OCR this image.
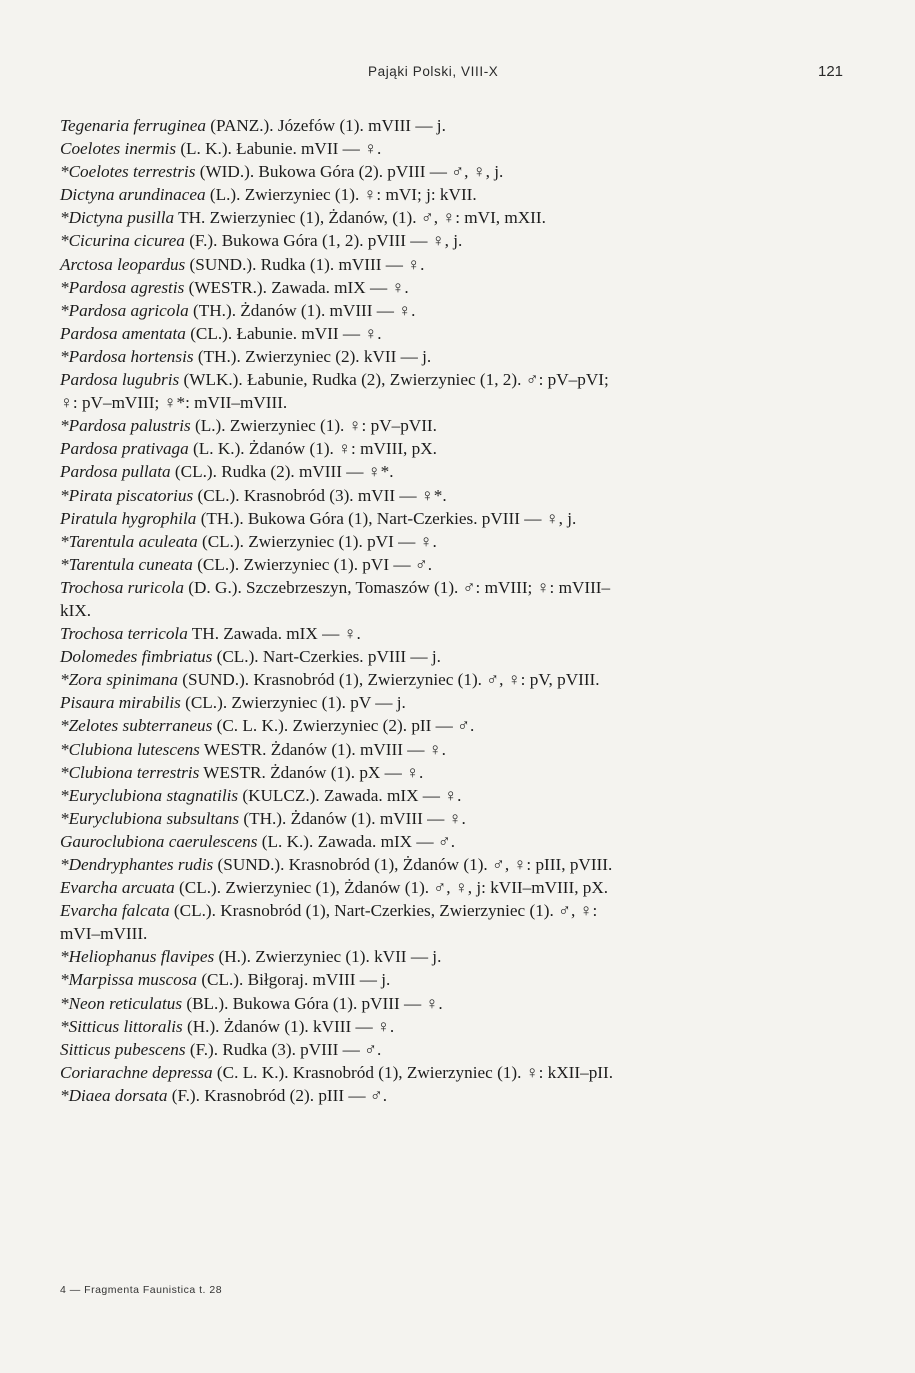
Pająki Polski, VIII-X	121
Tegenaria ferruginea (PANZ.). Józefów (1). mVIII — j.
Coelotes inermis (L. K.). Łabunie. mVII — ♀.
*Coelotes terrestris (WID.). Bukowa Góra (2). pVIII — ♂, ♀, j.
Dictyna arundinacea (L.). Zwierzyniec (1). ♀: mVI; j: kVII.
*Dictyna pusilla TH. Zwierzyniec (1), Żdanów, (1). ♂, ♀: mVI, mXII.
*Cicurina cicurea (F.). Bukowa Góra (1, 2). pVIII — ♀, j.
Arctosa leopardus (SUND.). Rudka (1). mVIII — ♀.
*Pardosa agrestis (WESTR.). Zawada. mIX — ♀.
*Pardosa agricola (TH.). Żdanów (1). mVIII — ♀.
Pardosa amentata (CL.). Łabunie. mVII — ♀.
*Pardosa hortensis (TH.). Zwierzyniec (2). kVII — j.
Pardosa lugubris (WLK.). Łabunie, Rudka (2), Zwierzyniec (1, 2). ♂: pV–pVI;
♀: pV–mVIII; ♀*: mVII–mVIII.
*Pardosa palustris (L.). Zwierzyniec (1). ♀: pV–pVII.
Pardosa prativaga (L. K.). Żdanów (1). ♀: mVIII, pX.
Pardosa pullata (CL.). Rudka (2). mVIII — ♀*.
*Pirata piscatorius (CL.). Krasnobród (3). mVII — ♀*.
Piratula hygrophila (TH.). Bukowa Góra (1), Nart-Czerkies. pVIII — ♀, j.
*Tarentula aculeata (CL.). Zwierzyniec (1). pVI — ♀.
*Tarentula cuneata (CL.). Zwierzyniec (1). pVI — ♂.
Trochosa ruricola (D. G.). Szczebrzeszyn, Tomaszów (1). ♂: mVIII; ♀: mVIII–
kIX.
Trochosa terricola TH. Zawada. mIX — ♀.
Dolomedes fimbriatus (CL.). Nart-Czerkies. pVIII — j.
*Zora spinimana (SUND.). Krasnobród (1), Zwierzyniec (1). ♂, ♀: pV, pVIII.
Pisaura mirabilis (CL.). Zwierzyniec (1). pV — j.
*Zelotes subterraneus (C. L. K.). Zwierzyniec (2). pII — ♂.
*Clubiona lutescens WESTR. Żdanów (1). mVIII — ♀.
*Clubiona terrestris WESTR. Żdanów (1). pX — ♀.
*Euryclubiona stagnatilis (KULCZ.). Zawada. mIX — ♀.
*Euryclubiona subsultans (TH.). Żdanów (1). mVIII — ♀.
Gauroclubiona caerulescens (L. K.). Zawada. mIX — ♂.
*Dendryphantes rudis (SUND.). Krasnobród (1), Żdanów (1). ♂, ♀: pIII, pVIII.
Evarcha arcuata (CL.). Zwierzyniec (1), Żdanów (1). ♂, ♀, j: kVII–mVIII, pX.
Evarcha falcata (CL.). Krasnobród (1), Nart-Czerkies, Zwierzyniec (1). ♂, ♀:
mVI–mVIII.
*Heliophanus flavipes (H.). Zwierzyniec (1). kVII — j.
*Marpissa muscosa (CL.). Biłgoraj. mVIII — j.
*Neon reticulatus (BL.). Bukowa Góra (1). pVIII — ♀.
*Sitticus littoralis (H.). Żdanów (1). kVIII — ♀.
Sitticus pubescens (F.). Rudka (3). pVIII — ♂.
Coriarachne depressa (C. L. K.). Krasnobród (1), Zwierzyniec (1). ♀: kXII–pII.
*Diaea dorsata (F.). Krasnobród (2). pIII — ♂.
4 — Fragmenta Faunistica t. 28
